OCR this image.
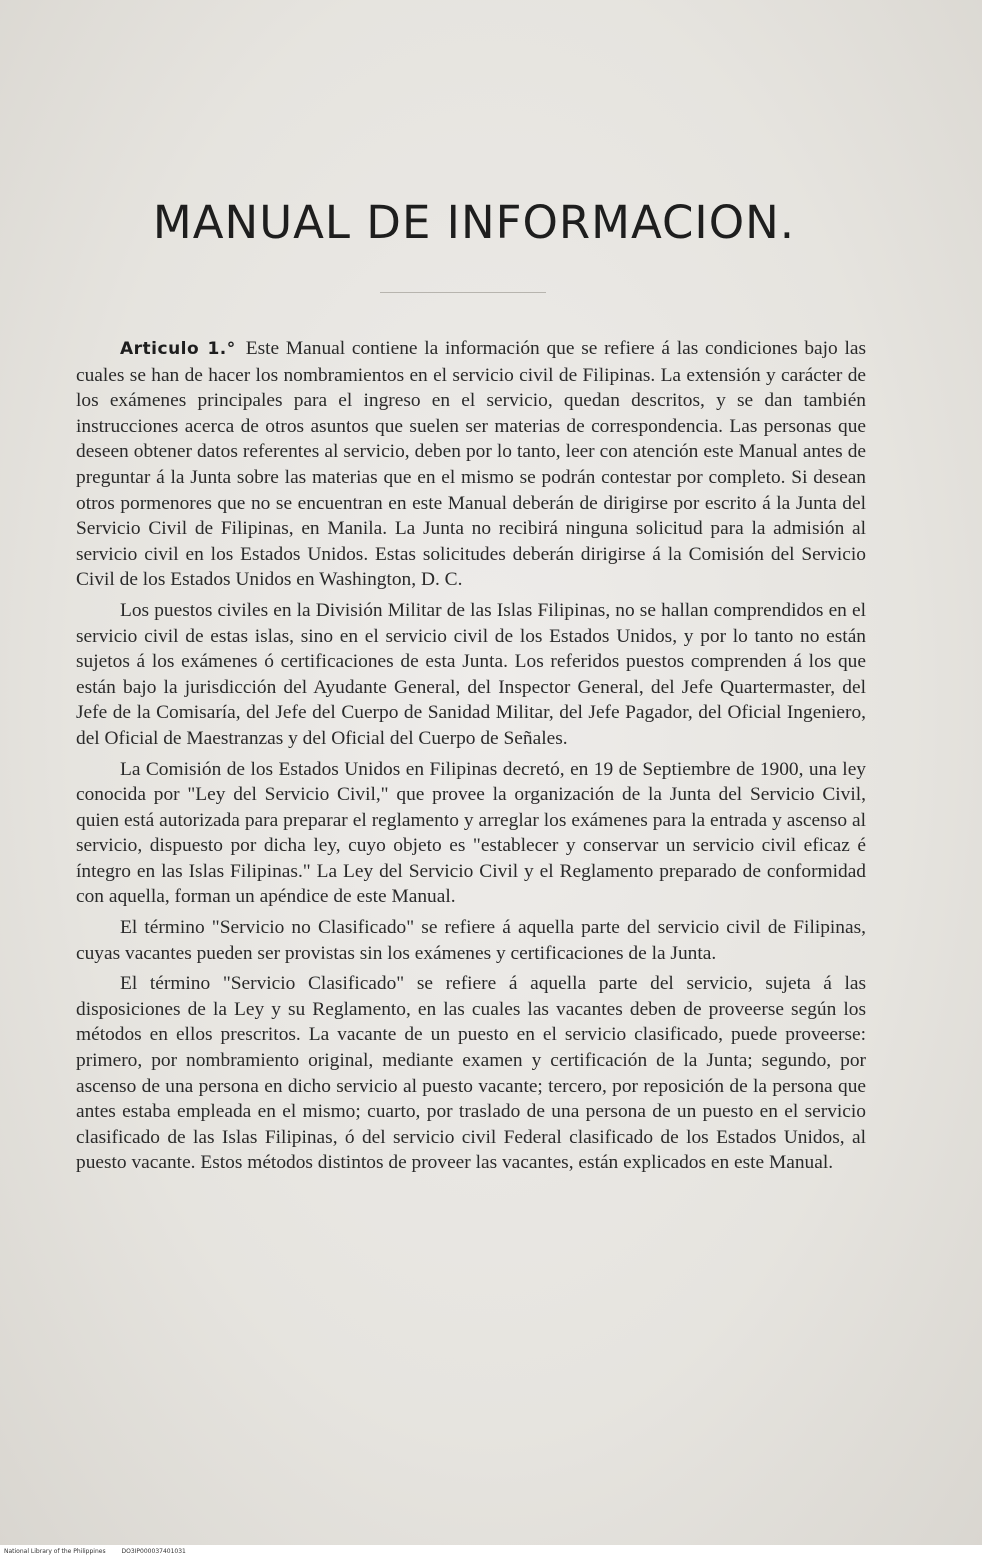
MANUAL DE INFORMACION.

Articulo 1.° Este Manual contiene la información que se refiere á las condiciones bajo las cuales se han de hacer los nombramientos en el servicio civil de Filipinas. La extensión y carácter de los exámenes principales para el ingreso en el servicio, quedan descritos, y se dan también instrucciones acerca de otros asuntos que suelen ser materias de correspondencia. Las personas que deseen obtener datos referentes al servicio, deben por lo tanto, leer con atención este Manual antes de preguntar á la Junta sobre las materias que en el mismo se podrán contestar por completo. Si desean otros pormenores que no se encuentran en este Manual deberán de dirigirse por escrito á la Junta del Servicio Civil de Filipinas, en Manila. La Junta no recibirá ninguna solicitud para la admisión al servicio civil en los Estados Unidos. Estas solicitudes deberán dirigirse á la Comisión del Servicio Civil de los Estados Unidos en Washington, D. C.

Los puestos civiles en la División Militar de las Islas Filipinas, no se hallan comprendidos en el servicio civil de estas islas, sino en el servicio civil de los Estados Unidos, y por lo tanto no están sujetos á los exámenes ó certificaciones de esta Junta. Los referidos puestos comprenden á los que están bajo la jurisdicción del Ayudante General, del Inspector General, del Jefe Quartermaster, del Jefe de la Comisaría, del Jefe del Cuerpo de Sanidad Militar, del Jefe Pagador, del Oficial Ingeniero, del Oficial de Maestranzas y del Oficial del Cuerpo de Señales.

La Comisión de los Estados Unidos en Filipinas decretó, en 19 de Septiembre de 1900, una ley conocida por "Ley del Servicio Civil," que provee la organización de la Junta del Servicio Civil, quien está autorizada para preparar el reglamento y arreglar los exámenes para la entrada y ascenso al servicio, dispuesto por dicha ley, cuyo objeto es "establecer y conservar un servicio civil eficaz é íntegro en las Islas Filipinas." La Ley del Servicio Civil y el Reglamento preparado de conformidad con aquella, forman un apéndice de este Manual.

El término "Servicio no Clasificado" se refiere á aquella parte del servicio civil de Filipinas, cuyas vacantes pueden ser provistas sin los exámenes y certificaciones de la Junta.

El término "Servicio Clasificado" se refiere á aquella parte del servicio, sujeta á las disposiciones de la Ley y su Reglamento, en las cuales las vacantes deben de proveerse según los métodos en ellos prescritos. La vacante de un puesto en el servicio clasificado, puede proveerse: primero, por nombramiento original, mediante examen y certificación de la Junta; segundo, por ascenso de una persona en dicho servicio al puesto vacante; tercero, por reposición de la persona que antes estaba empleada en el mismo; cuarto, por traslado de una persona de un puesto en el servicio clasificado de las Islas Filipinas, ó del servicio civil Federal clasificado de los Estados Unidos, al puesto vacante. Estos métodos distintos de proveer las vacantes, están explicados en este Manual.

National Library of the Philippines	DO3IP000037401031
